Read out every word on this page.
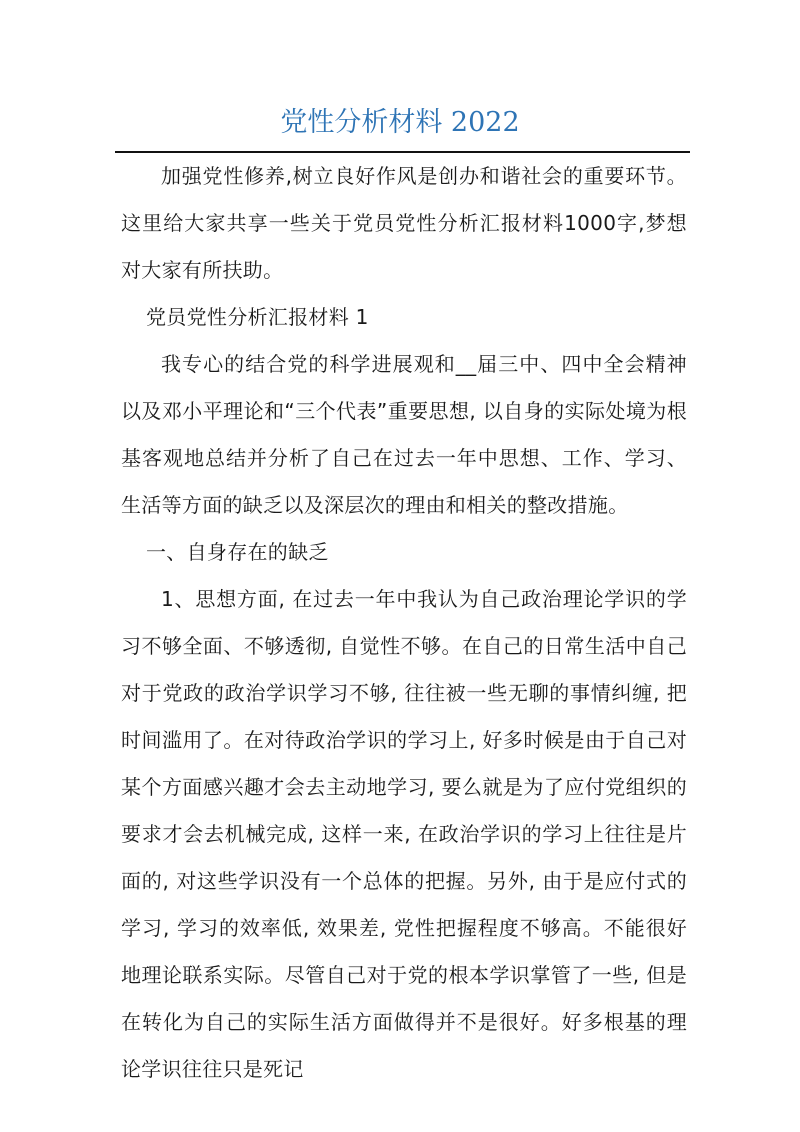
党性分析材料 2022

加强党性修养,树立良好作风是创办和谐社会的重要环节。这里给大家共享一些关于党员党性分析汇报材料1000字,梦想对大家有所扶助。

党员党性分析汇报材料 1

我专心的结合党的科学进展观和__届三中、四中全会精神以及邓小平理论和“三个代表”重要思想, 以自身的实际处境为根基客观地总结并分析了自己在过去一年中思想、工作、学习、生活等方面的缺乏以及深层次的理由和相关的整改措施。

一、自身存在的缺乏

1、思想方面, 在过去一年中我认为自己政治理论学识的学习不够全面、不够透彻, 自觉性不够。在自己的日常生活中自己对于党政的政治学识学习不够, 往往被一些无聊的事情纠缠, 把时间滥用了。在对待政治学识的学习上, 好多时候是由于自己对某个方面感兴趣才会去主动地学习, 要么就是为了应付党组织的要求才会去机械完成, 这样一来, 在政治学识的学习上往往是片面的, 对这些学识没有一个总体的把握。另外, 由于是应付式的学习, 学习的效率低, 效果差, 党性把握程度不够高。不能很好地理论联系实际。尽管自己对于党的根本学识掌管了一些, 但是在转化为自己的实际生活方面做得并不是很好。好多根基的理论学识往往只是死记
